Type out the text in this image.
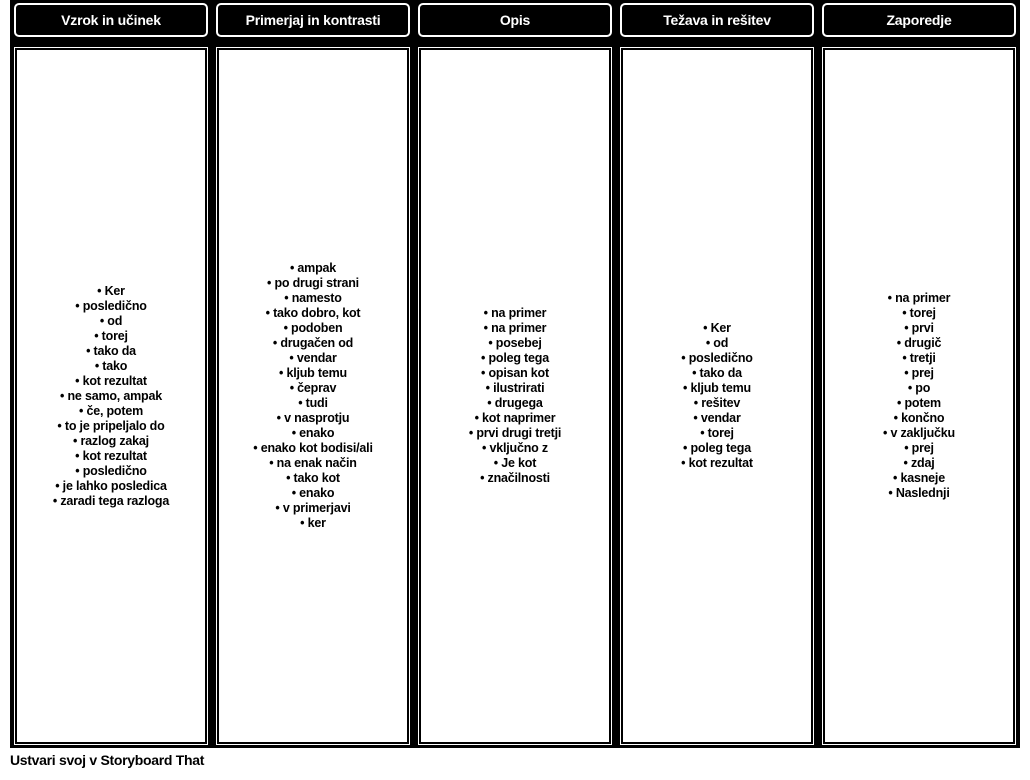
Vzrok in učinek
• Ker
• posledično
• od
• torej
• tako da
• tako
• kot rezultat
• ne samo, ampak
• če, potem
• to je pripeljalo do
• razlog zakaj
• kot rezultat
• posledično
• je lahko posledica
• zaradi tega razloga
Primerjaj in kontrasti
• ampak
• po drugi strani
• namesto
• tako dobro, kot
• podoben
• drugačen od
• vendar
• kljub temu
• čeprav
• tudi
• v nasprotju
• enako
• enako kot bodisi/ali
• na enak način
• tako kot
• enako
• v primerjavi
• ker
Opis
• na primer
• na primer
• posebej
• poleg tega
• opisan kot
• ilustrirati
• drugega
• kot naprimer
• prvi drugi tretji
• vključno z
• Je kot
• značilnosti
Težava in rešitev
• Ker
• od
• posledično
• tako da
• kljub temu
• rešitev
• vendar
• torej
• poleg tega
• kot rezultat
Zaporedje
• na primer
• torej
• prvi
• drugič
• tretji
• prej
• po
• potem
• končno
• v zaključku
• prej
• zdaj
• kasneje
• Naslednji
Ustvari svoj v Storyboard That
